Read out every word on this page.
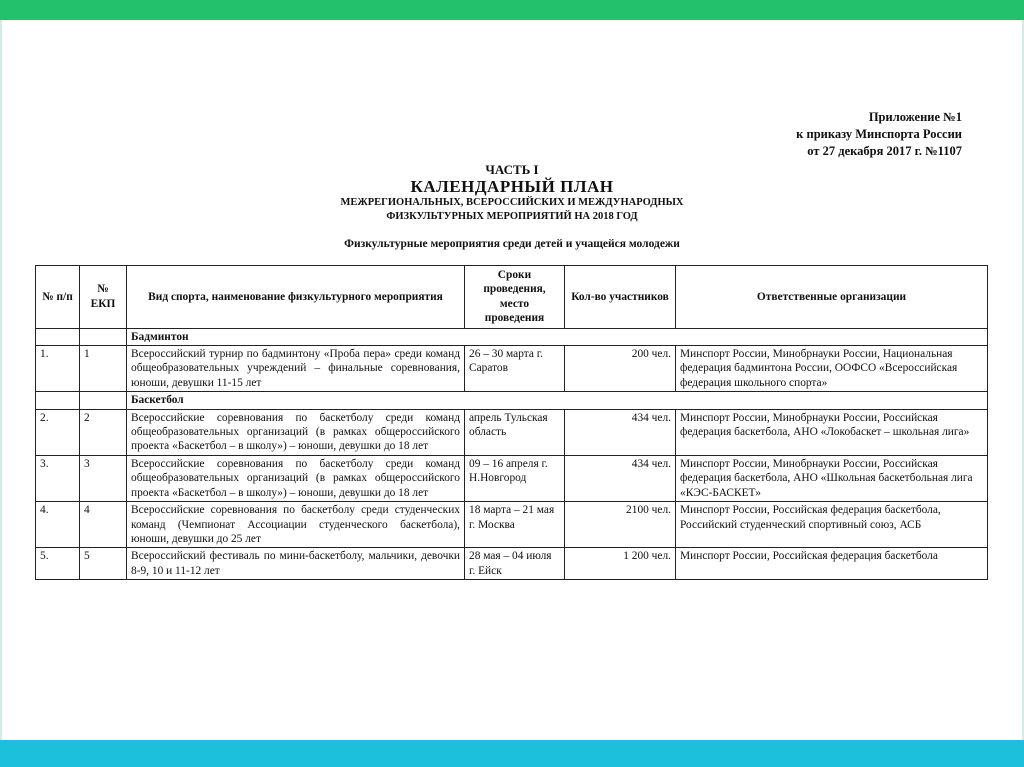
Приложение №1
к приказу Минспорта России
от 27 декабря 2017 г. №1107
ЧАСТЬ I
КАЛЕНДАРНЫЙ ПЛАН
МЕЖРЕГИОНАЛЬНЫХ, ВСЕРОССИЙСКИХ И МЕЖДУНАРОДНЫХ
ФИЗКУЛЬТУРНЫХ МЕРОПРИЯТИЙ НА 2018 ГОД
Физкультурные мероприятия среди детей и учащейся молодежи
№ п/п	№ ЕКП	Вид спорта, наименование физкультурного мероприятия	Сроки проведения, место проведения	Кол-во участников	Ответственные организации
		Бадминтон			
1.	1	Всероссийский турнир по бадминтону «Проба пера» среди команд общеобразовательных учреждений – финальные соревнования, юноши, девушки 11-15 лет	26 – 30 марта г. Саратов	200 чел.	Минспорт России, Минобрнауки России, Национальная федерация бадминтона России, ООФСО «Всероссийская федерация школьного спорта»
		Баскетбол			
2.	2	Всероссийские соревнования по баскетболу среди команд общеобразовательных организаций (в рамках общероссийского проекта «Баскетбол – в школу») – юноши, девушки до 18 лет	апрель Тульская область	434 чел.	Минспорт России, Минобрнауки России, Российская федерация баскетбола, АНО «Локобаскет – школьная лига»
3.	3	Всероссийские соревнования по баскетболу среди команд общеобразовательных организаций (в рамках общероссийского проекта «Баскетбол – в школу») – юноши, девушки до 18 лет	09 – 16 апреля г. Н.Новгород	434 чел.	Минспорт России, Минобрнауки России, Российская федерация баскетбола, АНО «Школьная баскетбольная лига «КЭС-БАСКЕТ»
4.	4	Всероссийские соревнования по баскетболу среди студенческих команд (Чемпионат Ассоциации студенческого баскетбола), юноши, девушки до 25 лет	18 марта – 21 мая г. Москва	2100 чел.	Минспорт России, Российская федерация баскетбола, Российский студенческий спортивный союз, АСБ
5.	5	Всероссийский фестиваль по мини-баскетболу, мальчики, девочки 8-9, 10 и 11-12 лет	28 мая – 04 июля г. Ейск	1 200 чел.	Минспорт России, Российская федерация баскетбола
